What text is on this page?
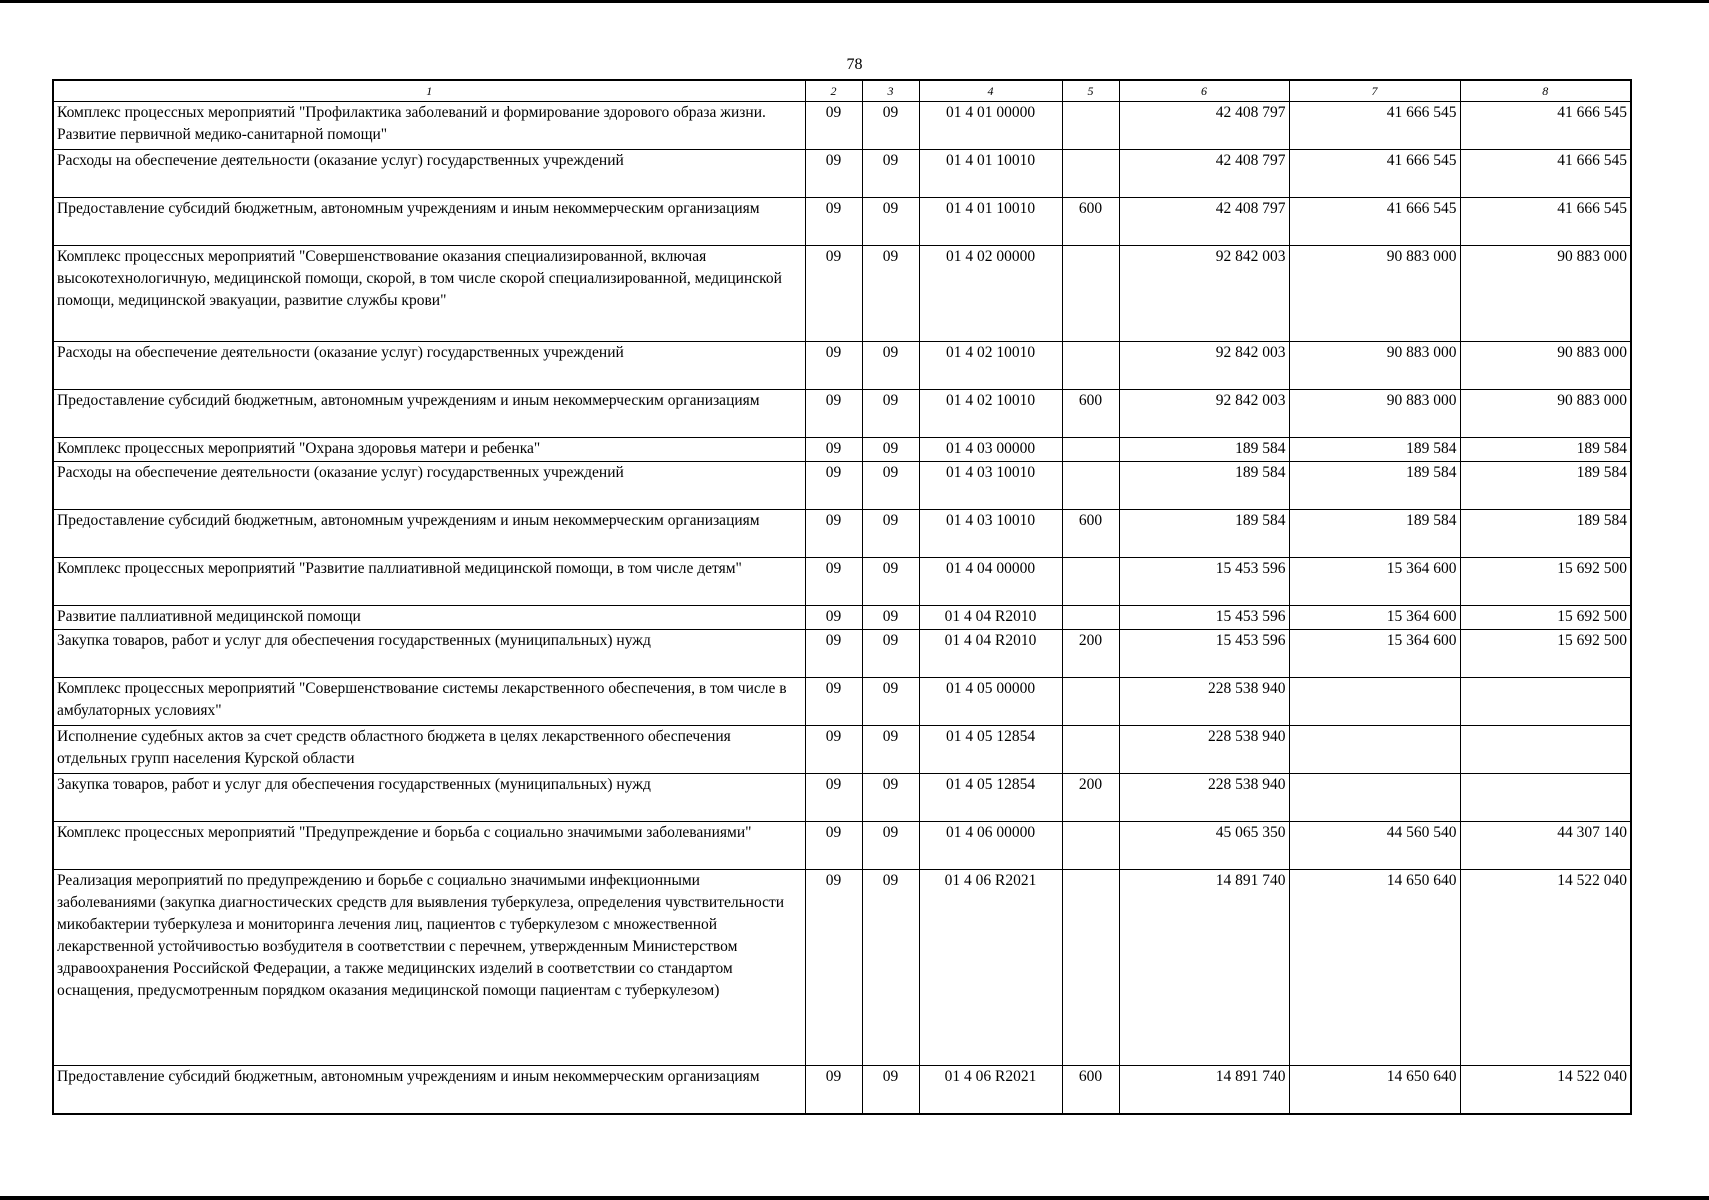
78
1	2	3	4	5	6	7	8
Комплекс процессных мероприятий "Профилактика заболеваний и формирование здорового образа жизни. Развитие первичной медико-санитарной помощи"	09	09	01 4 01 00000		42 408 797	41 666 545	41 666 545
Расходы на обеспечение деятельности (оказание услуг) государственных учреждений	09	09	01 4 01 10010		42 408 797	41 666 545	41 666 545
Предоставление субсидий бюджетным, автономным учреждениям и иным некоммерческим организациям	09	09	01 4 01 10010	600	42 408 797	41 666 545	41 666 545
Комплекс процессных мероприятий "Совершенствование оказания специализированной, включая высокотехнологичную, медицинской помощи, скорой, в том числе скорой специализированной, медицинской помощи, медицинской эвакуации, развитие службы крови"	09	09	01 4 02 00000		92 842 003	90 883 000	90 883 000
Расходы на обеспечение деятельности (оказание услуг) государственных учреждений	09	09	01 4 02 10010		92 842 003	90 883 000	90 883 000
Предоставление субсидий бюджетным, автономным учреждениям и иным некоммерческим организациям	09	09	01 4 02 10010	600	92 842 003	90 883 000	90 883 000
Комплекс процессных мероприятий "Охрана здоровья матери и ребенка"	09	09	01 4 03 00000		189 584	189 584	189 584
Расходы на обеспечение деятельности (оказание услуг) государственных учреждений	09	09	01 4 03 10010		189 584	189 584	189 584
Предоставление субсидий бюджетным, автономным учреждениям и иным некоммерческим организациям	09	09	01 4 03 10010	600	189 584	189 584	189 584
Комплекс процессных мероприятий "Развитие паллиативной медицинской помощи, в том числе детям"	09	09	01 4 04 00000		15 453 596	15 364 600	15 692 500
Развитие паллиативной медицинской помощи	09	09	01 4 04 R2010		15 453 596	15 364 600	15 692 500
Закупка товаров, работ и услуг для обеспечения государственных (муниципальных) нужд	09	09	01 4 04 R2010	200	15 453 596	15 364 600	15 692 500
Комплекс процессных мероприятий "Совершенствование системы лекарственного обеспечения, в том числе в амбулаторных условиях"	09	09	01 4 05 00000		228 538 940		
Исполнение судебных актов за счет средств областного бюджета в целях лекарственного обеспечения отдельных групп населения Курской области	09	09	01 4 05 12854		228 538 940		
Закупка товаров, работ и услуг для обеспечения государственных (муниципальных) нужд	09	09	01 4 05 12854	200	228 538 940		
Комплекс процессных мероприятий "Предупреждение и борьба с социально значимыми заболеваниями"	09	09	01 4 06 00000		45 065 350	44 560 540	44 307 140
Реализация мероприятий по предупреждению и борьбе с социально значимыми инфекционными заболеваниями (закупка диагностических средств для выявления туберкулеза, определения чувствительности микобактерии туберкулеза и мониторинга лечения лиц, пациентов с туберкулезом с множественной лекарственной устойчивостью возбудителя в соответствии с перечнем, утвержденным Министерством здравоохранения Российской Федерации, а также медицинских изделий в соответствии со стандартом оснащения, предусмотренным порядком оказания медицинской помощи пациентам с туберкулезом)	09	09	01 4 06 R2021		14 891 740	14 650 640	14 522 040
Предоставление субсидий бюджетным, автономным учреждениям и иным некоммерческим организациям	09	09	01 4 06 R2021	600	14 891 740	14 650 640	14 522 040
